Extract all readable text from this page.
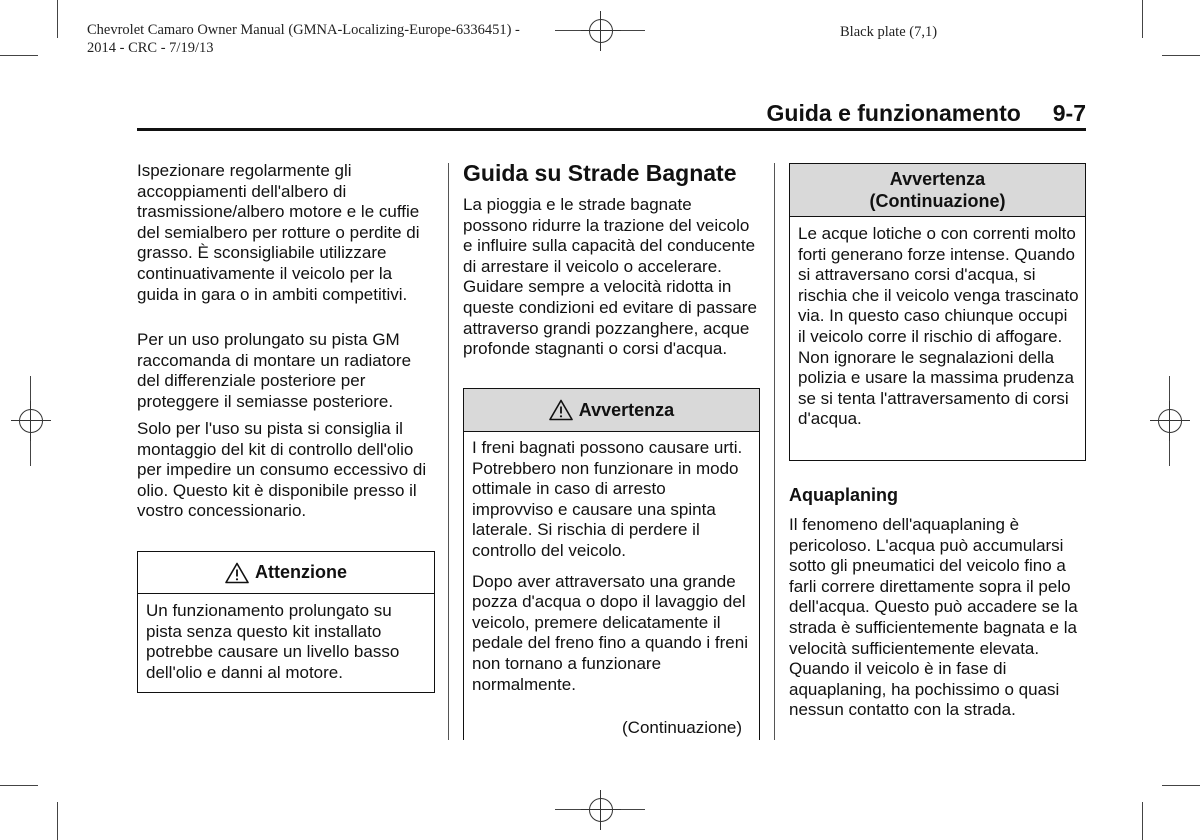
Chevrolet Camaro Owner Manual (GMNA-Localizing-Europe-6336451) -
2014 - CRC - 7/19/13
Black plate (7,1)
Guida e funzionamento 9-7

Ispezionare regolarmente gli accoppiamenti dell'albero di trasmissione/albero motore e le cuffie del semialbero per rotture o perdite di grasso. È sconsigliabile utilizzare continuativamente il veicolo per la guida in gara o in ambiti competitivi.

Per un uso prolungato su pista GM raccomanda di montare un radiatore del differenziale posteriore per proteggere il semiasse posteriore.

Solo per l'uso su pista si consiglia il montaggio del kit di controllo dell'olio per impedire un consumo eccessivo di olio. Questo kit è disponibile presso il vostro concessionario.

Attenzione

Un funzionamento prolungato su pista senza questo kit installato potrebbe causare un livello basso dell'olio e danni al motore.

Guida su Strade Bagnate

La pioggia e le strade bagnate possono ridurre la trazione del veicolo e influire sulla capacità del conducente di arrestare il veicolo o accelerare. Guidare sempre a velocità ridotta in queste condizioni ed evitare di passare attraverso grandi pozzanghere, acque profonde stagnanti o corsi d'acqua.

Avvertenza

I freni bagnati possono causare urti. Potrebbero non funzionare in modo ottimale in caso di arresto improvviso e causare una spinta laterale. Si rischia di perdere il controllo del veicolo.

Dopo aver attraversato una grande pozza d'acqua o dopo il lavaggio del veicolo, premere delicatamente il pedale del freno fino a quando i freni non tornano a funzionare normalmente.

(Continuazione)
Avvertenza
(Continuazione)

Le acque lotiche o con correnti molto forti generano forze intense. Quando si attraversano corsi d'acqua, si rischia che il veicolo venga trascinato via. In questo caso chiunque occupi il veicolo corre il rischio di affogare. Non ignorare le segnalazioni della polizia e usare la massima prudenza se si tenta l'attraversamento di corsi d'acqua.

Aquaplaning

Il fenomeno dell'aquaplaning è pericoloso. L'acqua può accumularsi sotto gli pneumatici del veicolo fino a farli correre direttamente sopra il pelo dell'acqua. Questo può accadere se la strada è sufficientemente bagnata e la velocità sufficientemente elevata. Quando il veicolo è in fase di aquaplaning, ha pochissimo o quasi nessun contatto con la strada.
